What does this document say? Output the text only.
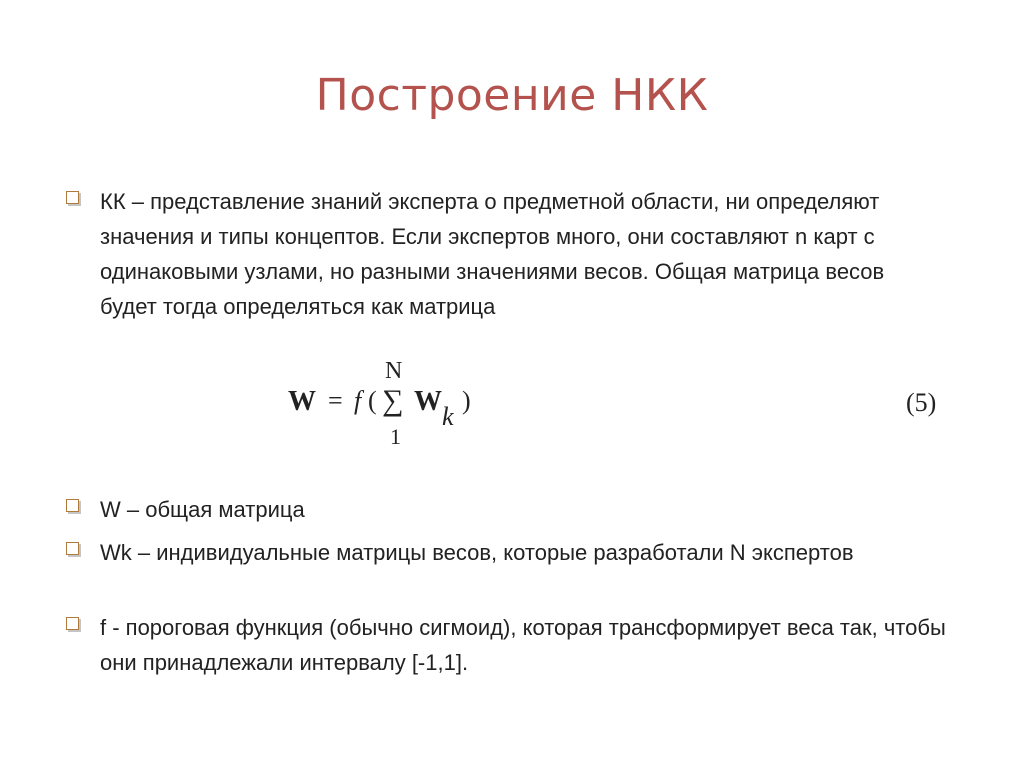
Построение НКК
КК – представление знаний эксперта о предметной области, ни определяют значения и типы концептов. Если экспертов много, они составляют n карт с одинаковыми узлами, но разными значениями весов. Общая матрица весов будет тогда определяться как матрица
W = f (
N
∑
1
W k
)	(5)
W – общая матрица
Wk – индивидуальные матрицы весов, которые разработали N экспертов
f - пороговая функция (обычно сигмоид), которая трансформирует веса так, чтобы они принадлежали интервалу [-1,1].
